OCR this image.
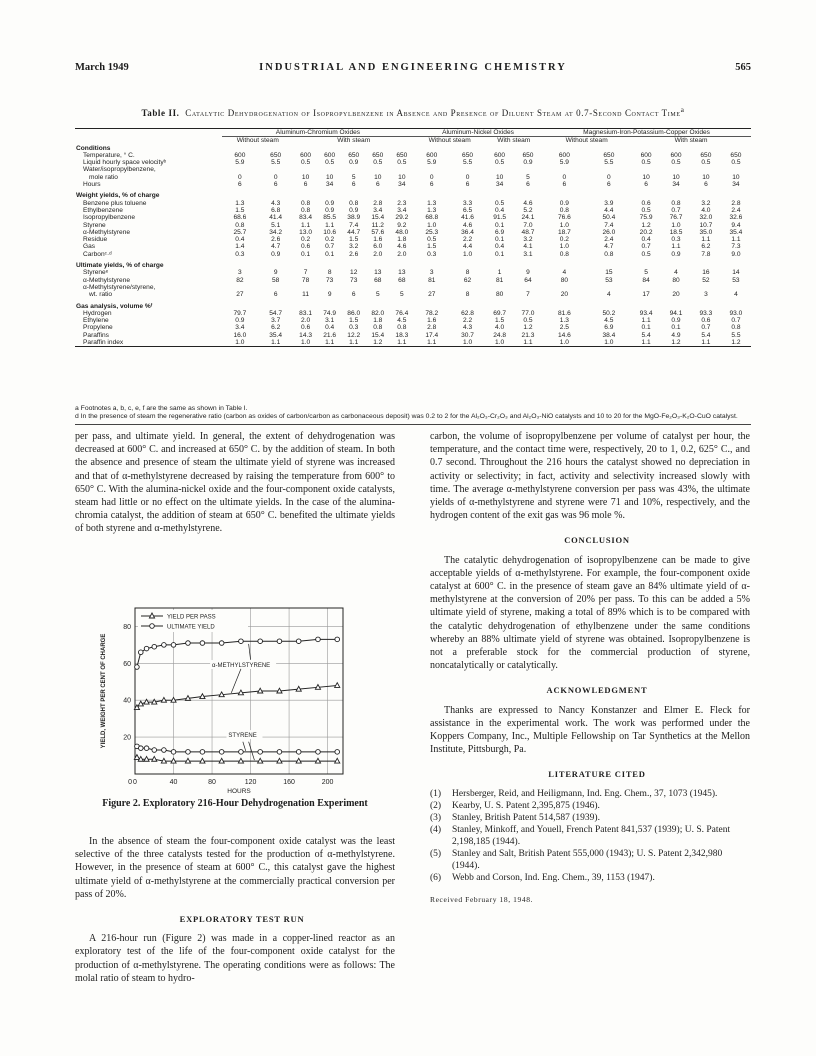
March 1949	INDUSTRIAL AND ENGINEERING CHEMISTRY	565
Table II. Catalytic Dehydrogenation of Isopropylbenzene in Absence and Presence of Diluent Steam at 0.7-Second Contact Time$^a$
	Aluminum-Chromium Oxides							Aluminum-Nickel Oxides				Magnesium-Iron-Potassium-Copper Oxides					
	Without steam		With steam					Without steam		With steam		Without steam		With steam			
Conditions																	
Temperature, ° C.	600	650	600	600	650	650	650	600	650	600	650	600	650	600	600	650	650
Liquid hourly space velocityᵇ	5.9	5.5	0.5	0.5	0.9	0.5	0.5	5.9	5.5	0.5	0.9	5.9	5.5	0.5	0.5	0.5	0.5
Water/isopropylbenzene,																	
mole ratio	0	0	10	10	5	10	10	0	0	10	5	0	0	10	10	10	10
Hours	6	6	6	34	6	6	34	6	6	34	6	6	6	6	34	6	34

Weight yields, % of charge																	
Benzene plus toluene	1.3	4.3	0.8	0.9	0.8	2.8	2.3	1.3	3.3	0.5	4.6	0.9	3.9	0.6	0.8	3.2	2.8
Ethylbenzene	1.5	6.8	0.8	0.9	0.9	3.4	3.4	1.3	6.5	0.4	5.2	0.8	4.4	0.5	0.7	4.0	2.4
Isopropylbenzene	68.6	41.4	83.4	85.5	38.9	15.4	29.2	68.8	41.6	91.5	24.1	76.6	50.4	75.9	76.7	32.0	32.6
Styrene	0.8	5.1	1.1	1.1	7.4	11.2	9.2	1.0	4.6	0.1	7.0	1.0	7.4	1.2	1.0	10.7	9.4
α-Methylstyrene	25.7	34.2	13.0	10.6	44.7	57.6	48.0	25.3	36.4	6.9	48.7	18.7	26.0	20.2	18.5	35.0	35.4
Residue	0.4	2.6	0.2	0.2	1.5	1.6	1.8	0.5	2.2	0.1	3.2	0.2	2.4	0.4	0.3	1.1	1.1
Gas	1.4	4.7	0.6	0.7	3.2	6.0	4.6	1.5	4.4	0.4	4.1	1.0	4.7	0.7	1.1	6.2	7.3
Carbonᶜ·ᵈ	0.3	0.9	0.1	0.1	2.6	2.0	2.0	0.3	1.0	0.1	3.1	0.8	0.8	0.5	0.9	7.8	9.0

Ultimate yields, % of charge																	
Styreneᵉ	3	9	7	8	12	13	13	3	8	1	9	4	15	5	4	16	14
α-Methylstyrene	82	58	78	73	73	68	68	81	62	81	64	80	53	84	80	52	53
α-Methylstyrene/styrene,																	
wt. ratio	27	6	11	9	6	5	5	27	8	80	7	20	4	17	20	3	4

Gas analysis, volume %ᶠ																	
Hydrogen	79.7	54.7	83.1	74.9	86.0	82.0	76.4	78.2	62.8	69.7	77.0	81.6	50.2	93.4	94.1	93.3	93.0
Ethylene	0.9	3.7	2.0	3.1	1.5	1.8	4.5	1.6	2.2	1.5	0.5	1.3	4.5	1.1	0.9	0.6	0.7
Propylene	3.4	6.2	0.6	0.4	0.3	0.8	0.8	2.8	4.3	4.0	1.2	2.5	6.9	0.1	0.1	0.7	0.8
Paraffins	16.0	35.4	14.3	21.6	12.2	15.4	18.3	17.4	30.7	24.8	21.3	14.6	38.4	5.4	4.9	5.4	5.5
Paraffin index	1.0	1.1	1.0	1.1	1.1	1.2	1.1	1.1	1.0	1.0	1.1	1.0	1.0	1.1	1.2	1.1	1.2
a Footnotes a, b, c, e, f are the same as shown in Table I.
d In the presence of steam the regenerative ratio (carbon as oxides of carbon/carbon as carbonaceous deposit) was 0.2 to 2 for the Al₂O₃-Cr₂O₃ and Al₂O₃-NiO catalysts and 10 to 20 for the MgO-Fe₂O₃-K₂O-CuO catalyst.

per pass, and ultimate yield. In general, the extent of dehydrogenation was decreased at 600° C. and increased at 650° C. by the addition of steam. In both the absence and presence of steam the ultimate yield of styrene was increased and that of α-methylstyrene decreased by raising the temperature from 600° to 650° C. With the alumina-nickel oxide and the four-component oxide catalysts, steam had little or no effect on the ultimate yields. In the case of the alumina-chromia catalyst, the addition of steam at 650° C. benefited the ultimate yields of both styrene and α-methylstyrene.

0	40	80	120	160	200
20
40
60
80
0
HOURS
YIELD, WEIGHT PER CENT OF CHARGE
YIELD PER PASS
ULTIMATE YIELD
α-METHYLSTYRENE
STYRENE
Figure 2. Exploratory 216-Hour Dehydrogenation Experiment

In the absence of steam the four-component oxide catalyst was the least selective of the three catalysts tested for the production of α-methylstyrene. However, in the presence of steam at 600° C., this catalyst gave the highest ultimate yield of α-methylstyrene at the commercially practical conversion per pass of 20%.

EXPLORATORY TEST RUN

A 216-hour run (Figure 2) was made in a copper-lined reactor as an exploratory test of the life of the four-component oxide catalyst for the production of α-methylstyrene. The operating conditions were as follows: The molal ratio of steam to hydro-

carbon, the volume of isopropylbenzene per volume of catalyst per hour, the temperature, and the contact time were, respectively, 20 to 1, 0.2, 625° C., and 0.7 second. Throughout the 216 hours the catalyst showed no depreciation in activity or selectivity; in fact, activity and selectivity increased slowly with time. The average α-methylstyrene conversion per pass was 43%, the ultimate yields of α-methylstyrene and styrene were 71 and 10%, respectively, and the hydrogen content of the exit gas was 96 mole %.

CONCLUSION

The catalytic dehydrogenation of isopropylbenzene can be made to give acceptable yields of α-methylstyrene. For example, the four-component oxide catalyst at 600° C. in the presence of steam gave an 84% ultimate yield of α-methylstyrene at the conversion of 20% per pass. To this can be added a 5% ultimate yield of styrene, making a total of 89% which is to be compared with the catalytic dehydrogenation of ethylbenzene under the same conditions whereby an 88% ultimate yield of styrene was obtained. Isopropylbenzene is not a preferable stock for the commercial production of styrene, noncatalytically or catalytically.

ACKNOWLEDGMENT

Thanks are expressed to Nancy Konstanzer and Elmer E. Fleck for assistance in the experimental work. The work was performed under the Koppers Company, Inc., Multiple Fellowship on Tar Synthetics at the Mellon Institute, Pittsburgh, Pa.

LITERATURE CITED

(1) Hersberger, Reid, and Heiligmann, Ind. Eng. Chem., 37, 1073 (1945).
(2) Kearby, U. S. Patent 2,395,875 (1946).
(3) Stanley, British Patent 514,587 (1939).
(4) Stanley, Minkoff, and Youell, French Patent 841,537 (1939); U. S. Patent 2,198,185 (1944).
(5) Stanley and Salt, British Patent 555,000 (1943); U. S. Patent 2,342,980 (1944).
(6) Webb and Corson, Ind. Eng. Chem., 39, 1153 (1947).
Received February 18, 1948.
